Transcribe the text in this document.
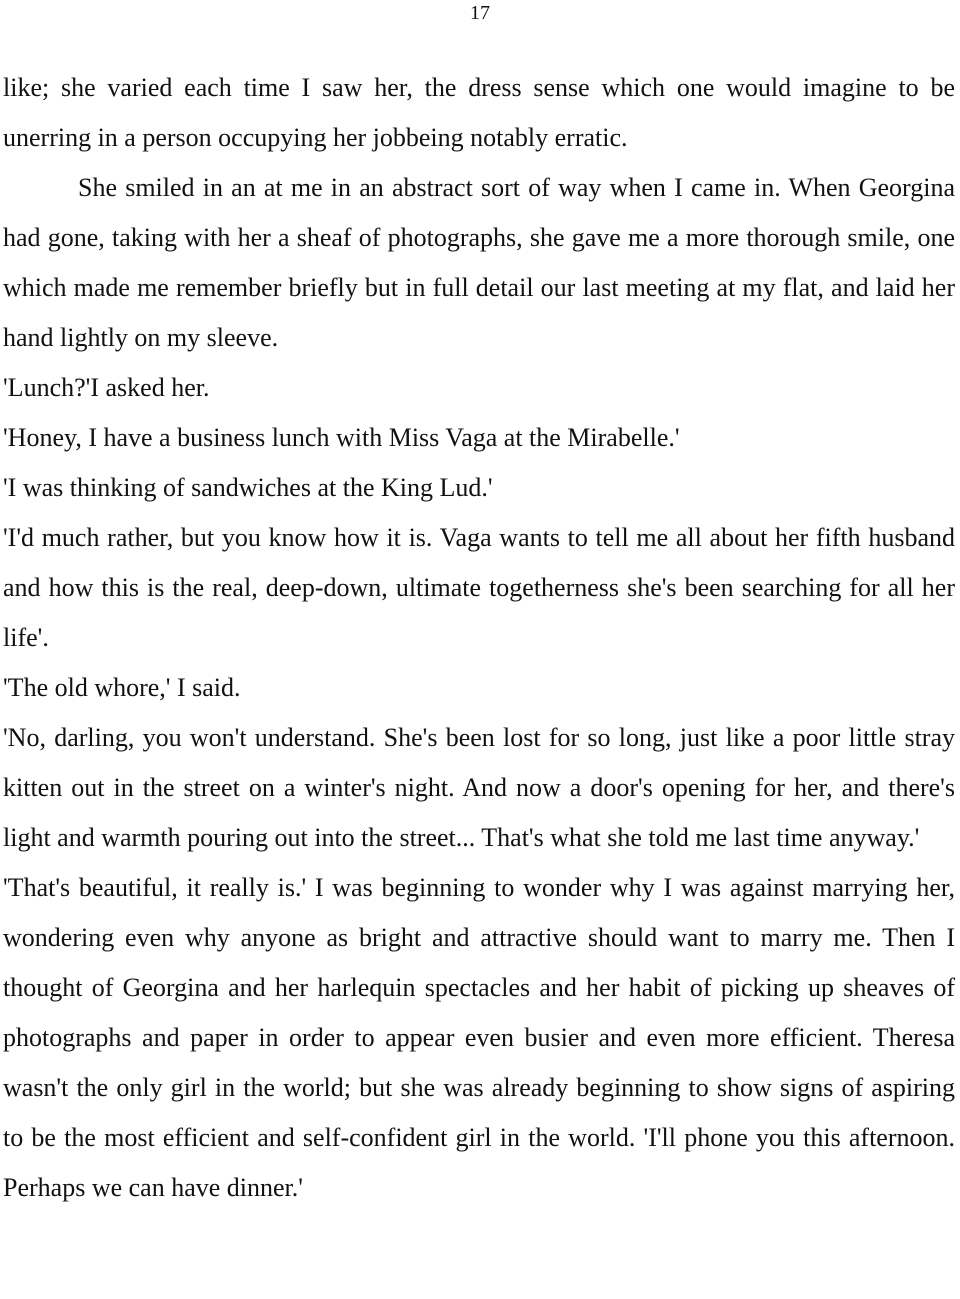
17

like; she varied each time I saw her, the dress sense which one would imagine to be unerring in a person occupying her jobbeing notably erratic.

She smiled in an at me in an abstract sort of way when I came in. When Georgina had gone, taking with her a sheaf of photographs, she gave me a more thorough smile, one which made me remember briefly but in full detail our last meeting at my flat, and laid her hand lightly on my sleeve.

'Lunch?'I asked her.

'Honey, I have a business lunch with Miss Vaga at the Mirabelle.'

'I was thinking of sandwiches at the King Lud.'

'I'd much rather, but you know how it is. Vaga wants to tell me all about her fifth husband and how this is the real, deep-down, ultimate togetherness she's been searching for all her life'.

'The old whore,' I said.

'No, darling, you won't understand. She's been lost for so long, just like a poor little stray kitten out in the street on a winter's night. And now a door's opening for her, and there's light and warmth pouring out into the street... That's what she told me last time anyway.'

'That's beautiful, it really is.' I was beginning to wonder why I was against marrying her, wondering even why anyone as bright and attractive should want to marry me. Then I thought of Georgina and her harlequin spectacles and her habit of picking up sheaves of photographs and paper in order to appear even busier and even more efficient. Theresa wasn't the only girl in the world; but she was already beginning to show signs of aspiring to be the most efficient and self-confident girl in the world. 'I'll phone you this afternoon. Perhaps we can have dinner.'
